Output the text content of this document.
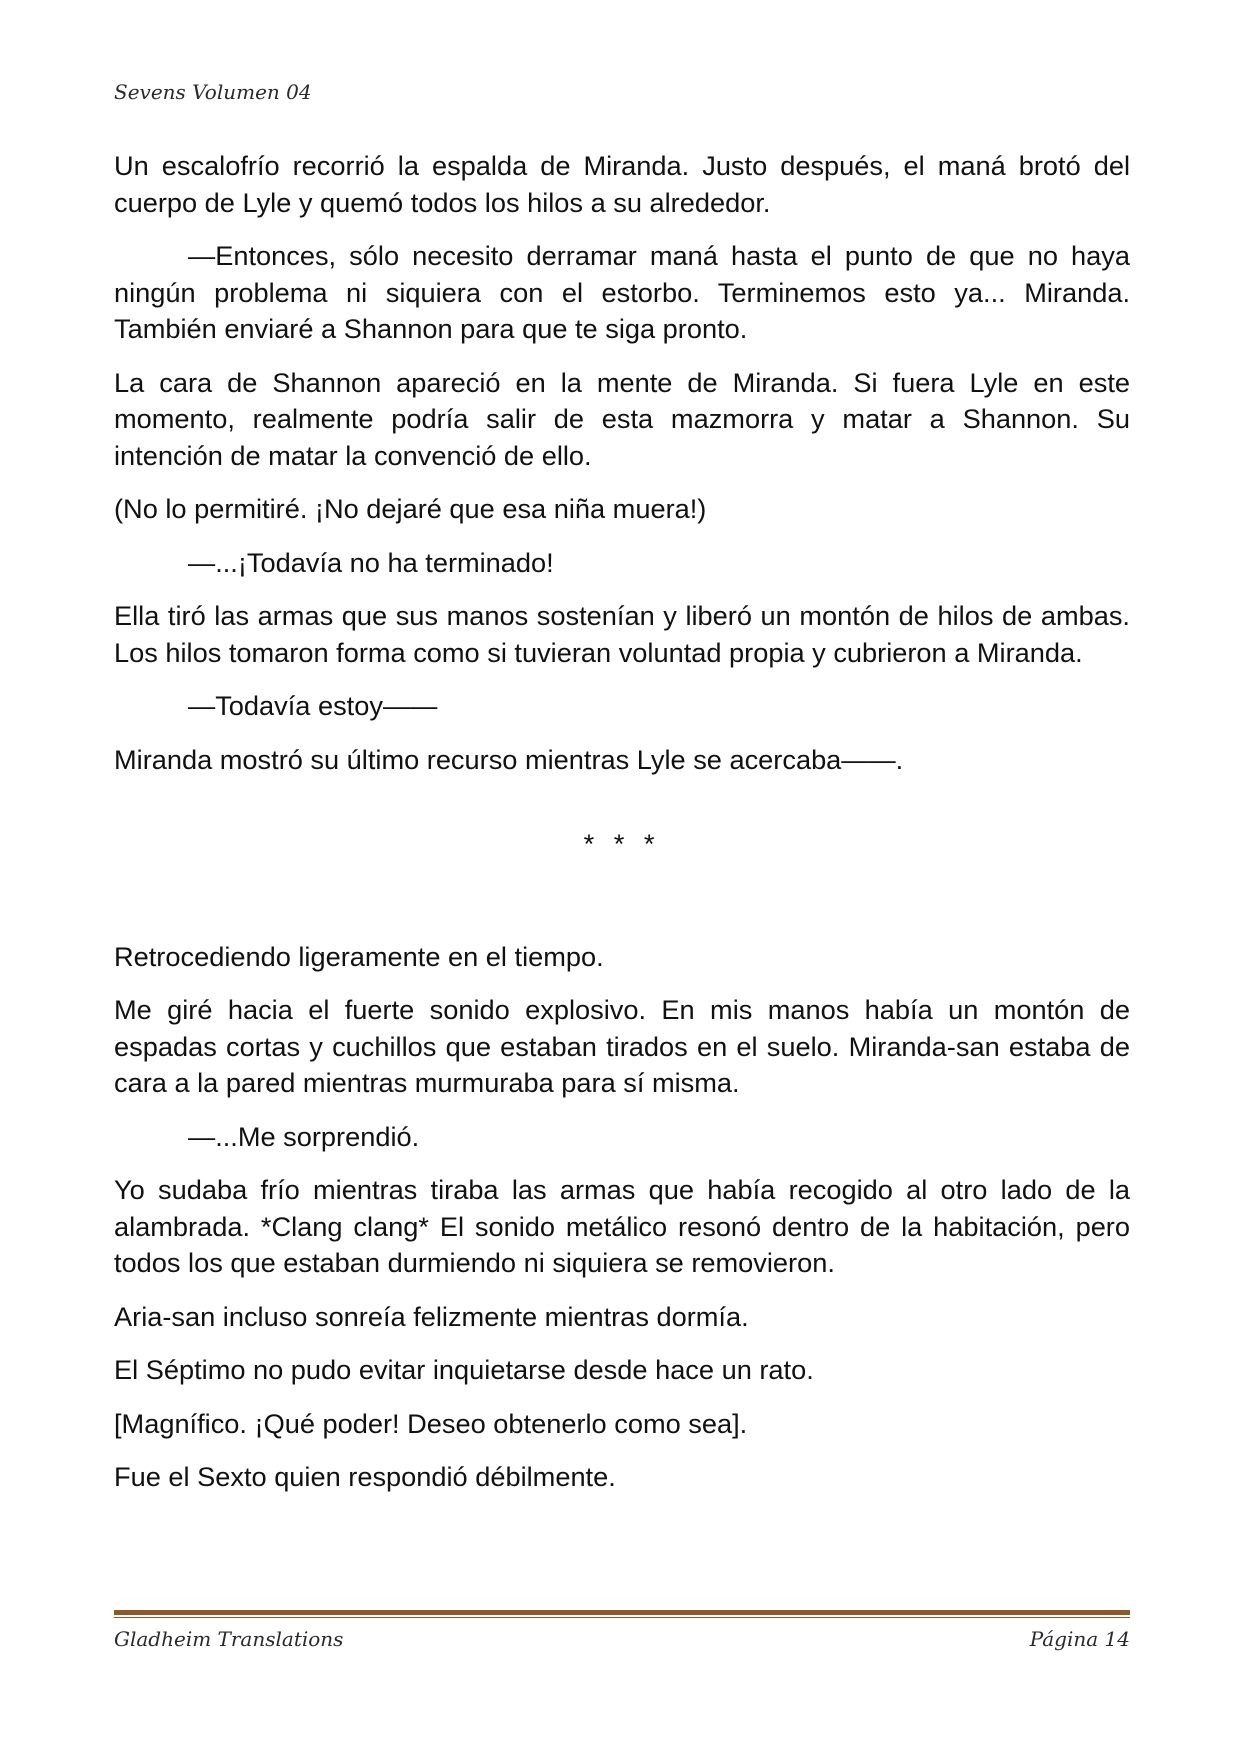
Sevens Volumen 04

Un escalofrío recorrió la espalda de Miranda. Justo después, el maná brotó del cuerpo de Lyle y quemó todos los hilos a su alrededor.

—Entonces, sólo necesito derramar maná hasta el punto de que no haya ningún problema ni siquiera con el estorbo. Terminemos esto ya... Miranda. También enviaré a Shannon para que te siga pronto.

La cara de Shannon apareció en la mente de Miranda. Si fuera Lyle en este momento, realmente podría salir de esta mazmorra y matar a Shannon. Su intención de matar la convenció de ello.

(No lo permitiré. ¡No dejaré que esa niña muera!)

—...¡Todavía no ha terminado!

Ella tiró las armas que sus manos sostenían y liberó un montón de hilos de ambas. Los hilos tomaron forma como si tuvieran voluntad propia y cubrieron a Miranda.

—Todavía estoy――

Miranda mostró su último recurso mientras Lyle se acercaba――.

* * *

Retrocediendo ligeramente en el tiempo.

Me giré hacia el fuerte sonido explosivo. En mis manos había un montón de espadas cortas y cuchillos que estaban tirados en el suelo. Miranda-san estaba de cara a la pared mientras murmuraba para sí misma.

—...Me sorprendió.

Yo sudaba frío mientras tiraba las armas que había recogido al otro lado de la alambrada. *Clang clang* El sonido metálico resonó dentro de la habitación, pero todos los que estaban durmiendo ni siquiera se removieron.

Aria-san incluso sonreía felizmente mientras dormía.

El Séptimo no pudo evitar inquietarse desde hace un rato.

[Magnífico. ¡Qué poder! Deseo obtenerlo como sea].

Fue el Sexto quien respondió débilmente.

Gladheim Translations	Página 14
